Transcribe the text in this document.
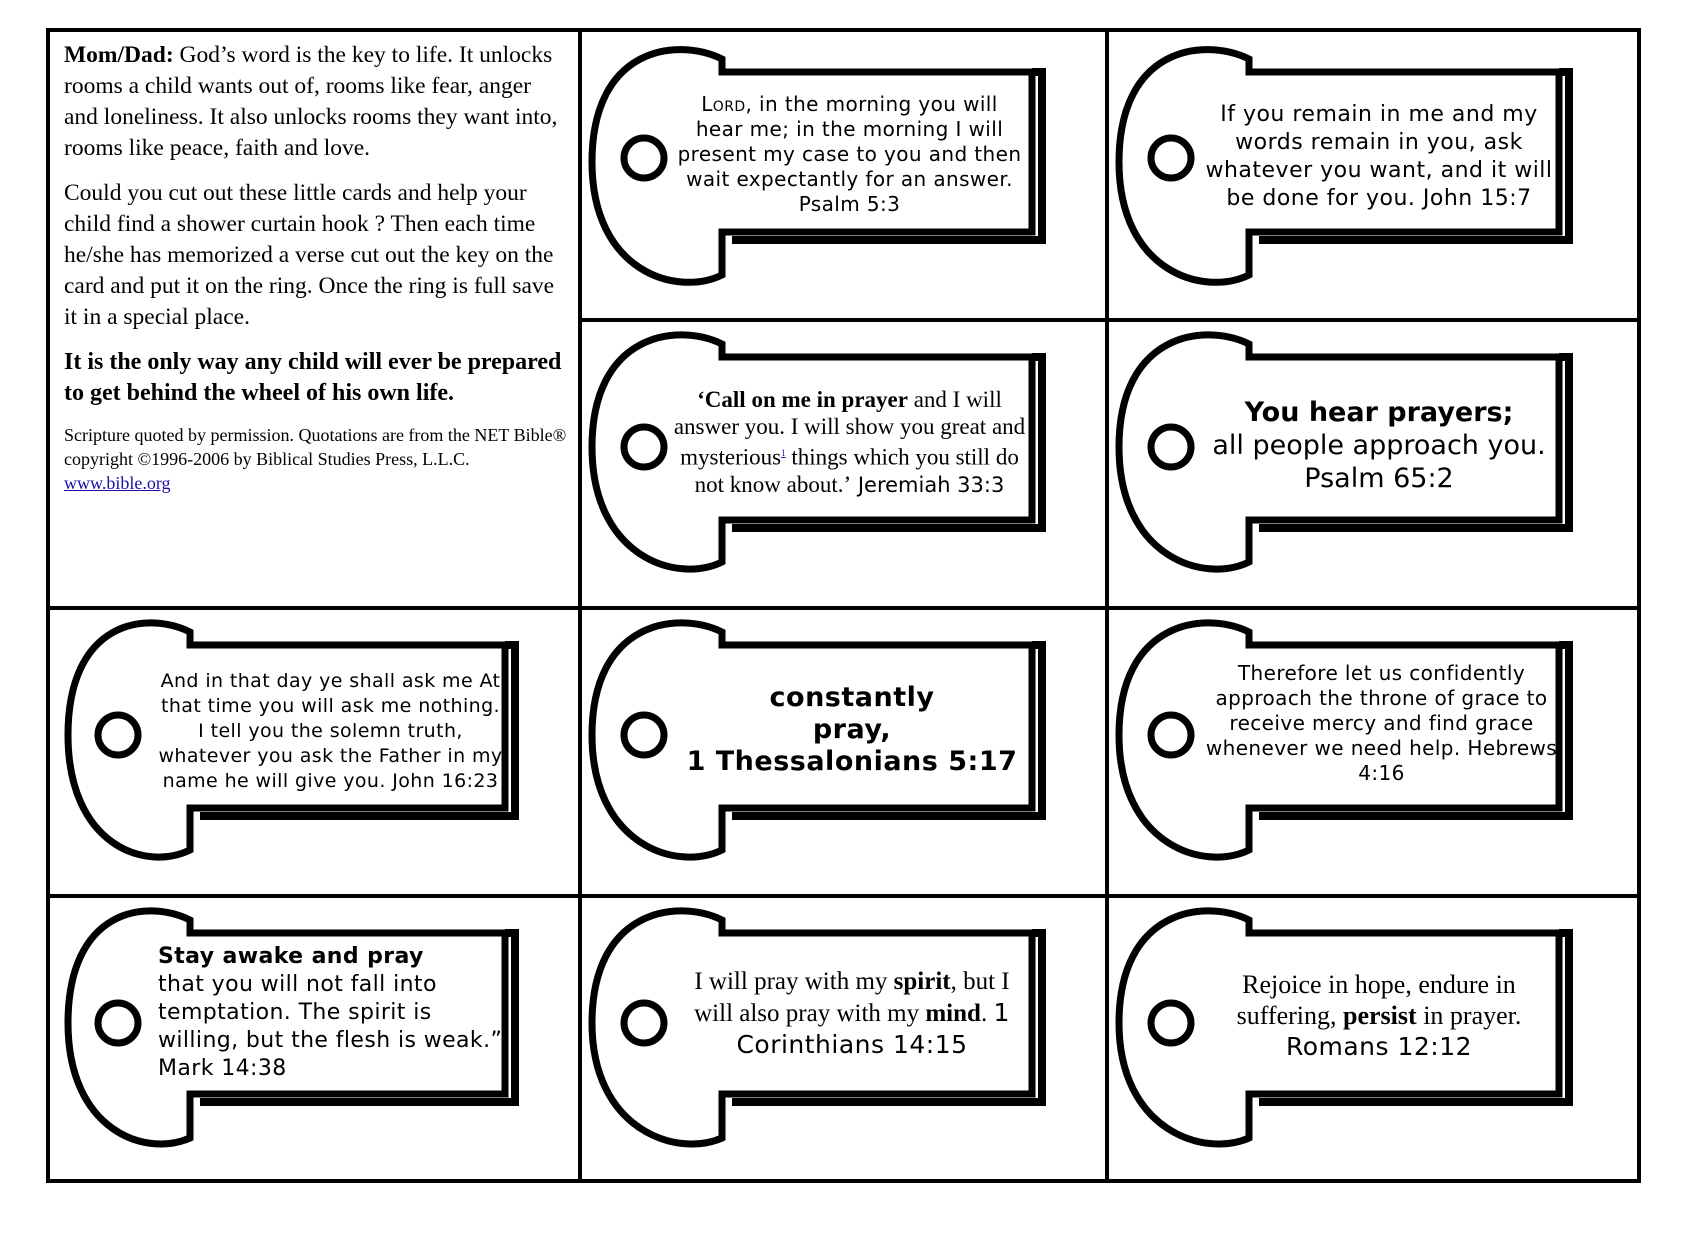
Mom/Dad: God’s word is the key to life. It unlocks rooms a child wants out of, rooms like fear, anger and loneliness. It also unlocks rooms they want into, rooms like peace, faith and love.

Could you cut out these little cards and help your child find a shower curtain hook ? Then each time he/she has memorized a verse cut out the key on the card and put it on the ring. Once the ring is full save it in a special place.

It is the only way any child will ever be prepared to get behind the wheel of his own life.

Scripture quoted by permission. Quotations are from the NET Bible® copyright ©1996-2006 by Biblical Studies Press, L.L.C. www.bible.org

Lord, in the morning you will hear me; in the morning I will present my case to you and then wait expectantly for an answer. Psalm 5:3
If you remain in me and my words remain in you, ask whatever you want, and it will be done for you. John 15:7
‘Call on me in prayer and I will answer you. I will show you great and mysterious$^1$ things which you still do not know about.’ Jeremiah 33:3
You hear prayers;
all people approach you.
Psalm 65:2
And in that day ye shall ask me At that time you will ask me nothing. I tell you the solemn truth, whatever you ask the Father in my name he will give you. John 16:23
constantly
pray,
1 Thessalonians 5:17
Therefore let us confidently approach the throne of grace to receive mercy and find grace whenever we need help. Hebrews 4:16
Stay awake and pray
that you will not fall into temptation. The spirit is willing, but the flesh is weak.” Mark 14:38
I will pray with my spirit, but I will also pray with my mind. 1 Corinthians 14:15
Rejoice in hope, endure in suffering, persist in prayer.
Romans 12:12
